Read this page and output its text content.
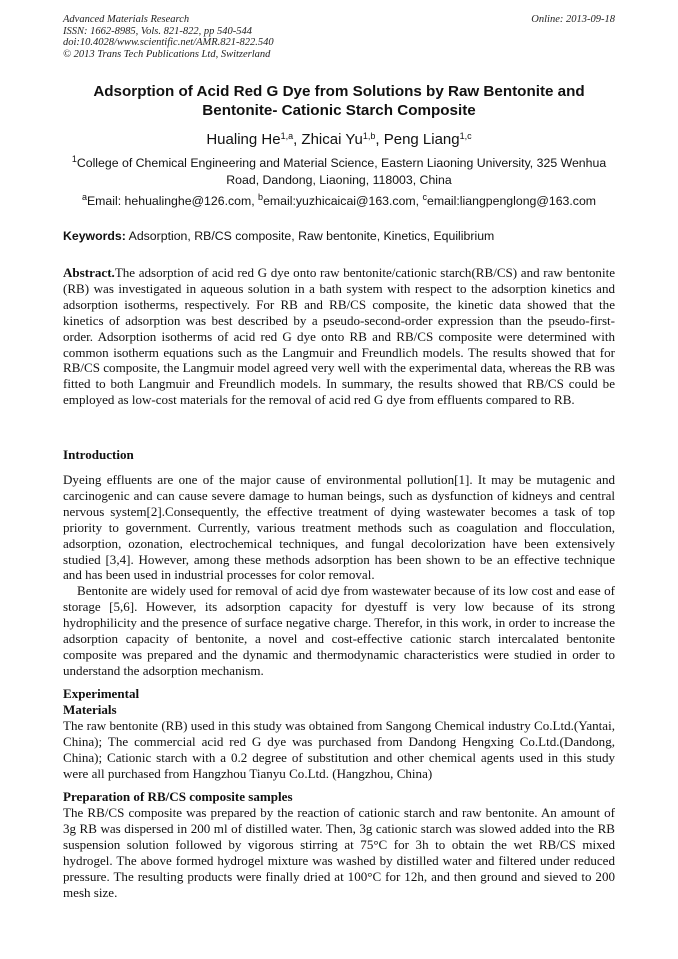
Advanced Materials Research
ISSN: 1662-8985, Vols. 821-822, pp 540-544
doi:10.4028/www.scientific.net/AMR.821-822.540
© 2013 Trans Tech Publications Ltd, Switzerland
Online: 2013-09-18
Adsorption of Acid Red G Dye from Solutions by Raw Bentonite and
Bentonite- Cationic Starch Composite
Hualing He$^{1,a}$, Zhicai Yu$^{1,b}$, Peng Liang$^{1,c}$
$^1$College of Chemical Engineering and Material Science, Eastern Liaoning University, 325 Wenhua Road, Dandong, Liaoning, 118003, China
$^a$Email: hehualinghe@126.com, $^b$email:yuzhicaicai@163.com, $^c$email:liangpenglong@163.com
Keywords: Adsorption, RB/CS composite, Raw bentonite, Kinetics, Equilibrium

Abstract.The adsorption of acid red G dye onto raw bentonite/cationic starch(RB/CS) and raw bentonite (RB) was investigated in aqueous solution in a bath system with respect to the adsorption kinetics and adsorption isotherms, respectively. For RB and RB/CS composite, the kinetic data showed that the kinetics of adsorption was best described by a pseudo-second-order expression than the pseudo-first-order. Adsorption isotherms of acid red G dye onto RB and RB/CS composite were determined with common isotherm equations such as the Langmuir and Freundlich models. The results showed that for RB/CS composite, the Langmuir model agreed very well with the experimental data, whereas the RB was fitted to both Langmuir and Freundlich models. In summary, the results showed that RB/CS could be employed as low-cost materials for the removal of acid red G dye from effluents compared to RB.

Introduction

Dyeing effluents are one of the major cause of environmental pollution[1]. It may be mutagenic and carcinogenic and can cause severe damage to human beings, such as dysfunction of kidneys and central nervous system[2].Consequently, the effective treatment of dying wastewater becomes a task of top priority to government. Currently, various treatment methods such as coagulation and flocculation, adsorption, ozonation, electrochemical techniques, and fungal decolorization have been extensively studied [3,4]. However, among these methods adsorption has been shown to be an effective technique and has been used in industrial processes for color removal.

Bentonite are widely used for removal of acid dye from wastewater because of its low cost and ease of storage [5,6]. However, its adsorption capacity for dyestuff is very low because of its strong hydrophilicity and the presence of surface negative charge. Therefor, in this work, in order to increase the adsorption capacity of bentonite, a novel and cost-effective cationic starch intercalated bentonite composite was prepared and the dynamic and thermodynamic characteristics were studied in order to understand the adsorption mechanism.

Experimental
Materials

The raw bentonite (RB) used in this study was obtained from Sangong Chemical industry Co.Ltd.(Yantai, China); The commercial acid red G dye was purchased from Dandong Hengxing Co.Ltd.(Dandong, China); Cationic starch with a 0.2 degree of substitution and other chemical agents used in this study were all purchased from Hangzhou Tianyu Co.Ltd. (Hangzhou, China)

Preparation of RB/CS composite samples

The RB/CS composite was prepared by the reaction of cationic starch and raw bentonite. An amount of 3g RB was dispersed in 200 ml of distilled water. Then, 3g cationic starch was slowed added into the RB suspension solution followed by vigorous stirring at 75°C for 3h to obtain the wet RB/CS mixed hydrogel. The above formed hydrogel mixture was washed by distilled water and filtered under reduced pressure. The resulting products were finally dried at 100°C for 12h, and then ground and sieved to 200 mesh size.
